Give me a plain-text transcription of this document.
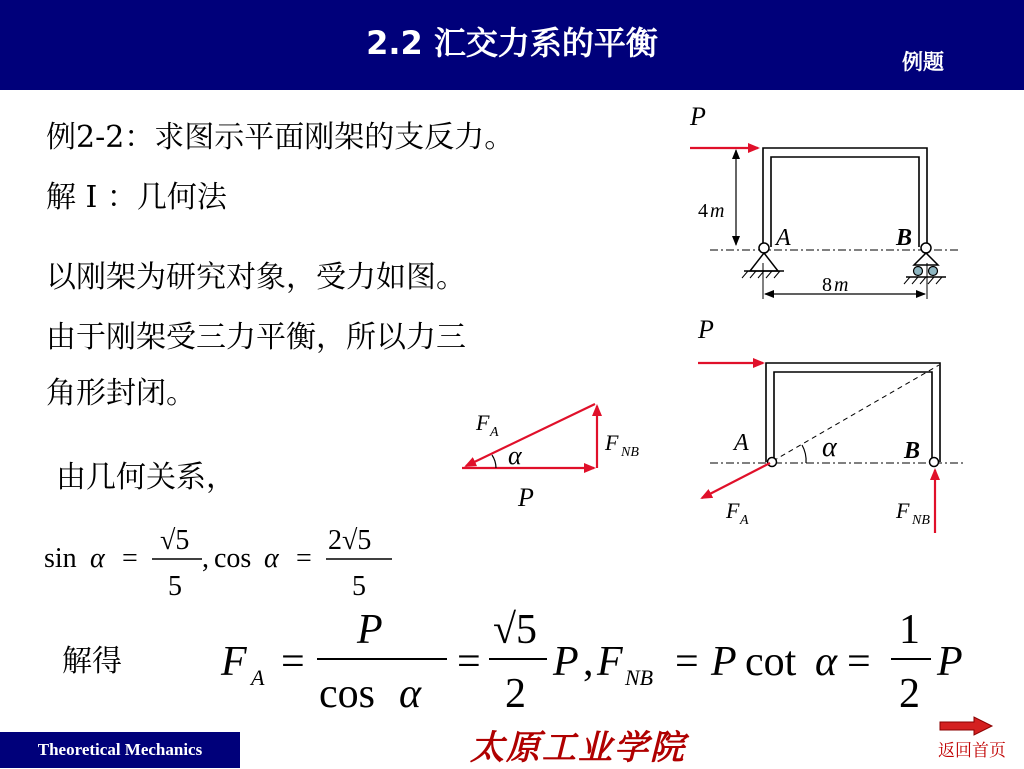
2.2 汇交力系的平衡	例题
例2-2：求图示平面刚架的支反力。
解 I ：几何法
以刚架为研究对象，受力如图。
由于刚架受三力平衡，所以力三
角形封闭。
由几何关系，
解得
sin α =
√5
5
, cos α =
2√5
5
F A =
P
cos α
=
√5
2
P , F NB = P cot α =
1
2
P
P
4 m
A	B
8 m
P
α
A	B
F A	F NB
α
F A	F NB
P
Theoretical Mechanics	太原工业学院	返回首页
